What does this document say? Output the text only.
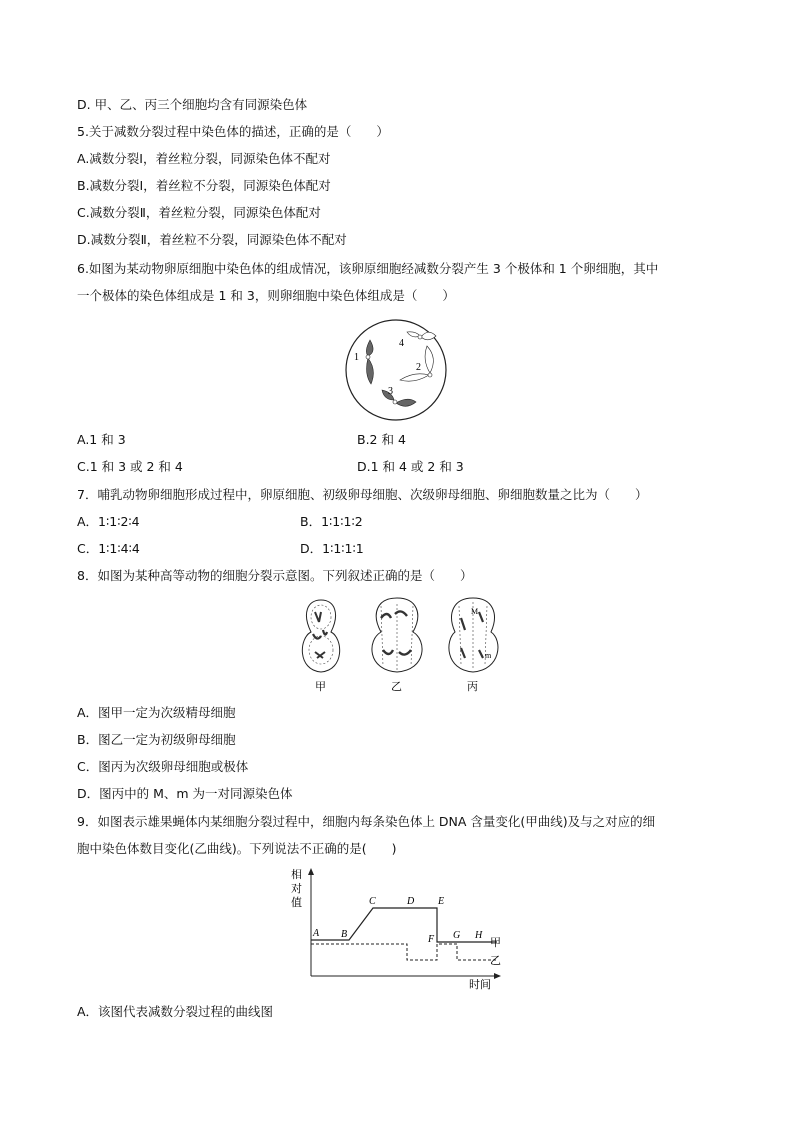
D. 甲、乙、丙三个细胞均含有同源染色体
5.关于减数分裂过程中染色体的描述，正确的是（　　）
A.减数分裂Ⅰ，着丝粒分裂，同源染色体不配对
B.减数分裂Ⅰ，着丝粒不分裂，同源染色体配对
C.减数分裂Ⅱ，着丝粒分裂，同源染色体配对
D.减数分裂Ⅱ，着丝粒不分裂，同源染色体不配对
6.如图为某动物卵原细胞中染色体的组成情况，该卵原细胞经减数分裂产生 3 个极体和 1 个卵细胞，其中
一个极体的染色体组成是 1 和 3，则卵细胞中染色体组成是（　　）
1
2
3
4
A.1 和 3	B.2 和 4
C.1 和 3 或 2 和 4	D.1 和 4 或 2 和 3
7．哺乳动物卵细胞形成过程中，卵原细胞、初级卵母细胞、次级卵母细胞、卵细胞数量之比为（　　）
A．1∶1∶2∶4	B．1∶1∶1∶2
C．1∶1∶4∶4	D．1∶1∶1∶1
8．如图为某种高等动物的细胞分裂示意图。下列叙述正确的是（　　）
M
m
甲	乙	丙
A．图甲一定为次级精母细胞
B．图乙一定为初级卵母细胞
C．图丙为次级卵母细胞或极体
D．图丙中的 M、m 为一对同源染色体
9．如图表示雄果蝇体内某细胞分裂过程中，细胞内每条染色体上 DNA 含量变化(甲曲线)及与之对应的细
胞中染色体数目变化(乙曲线)。下列说法不正确的是(　　)
相
对
值
时间
A B
C	D E
F G H
甲
乙
A．该图代表减数分裂过程的曲线图
